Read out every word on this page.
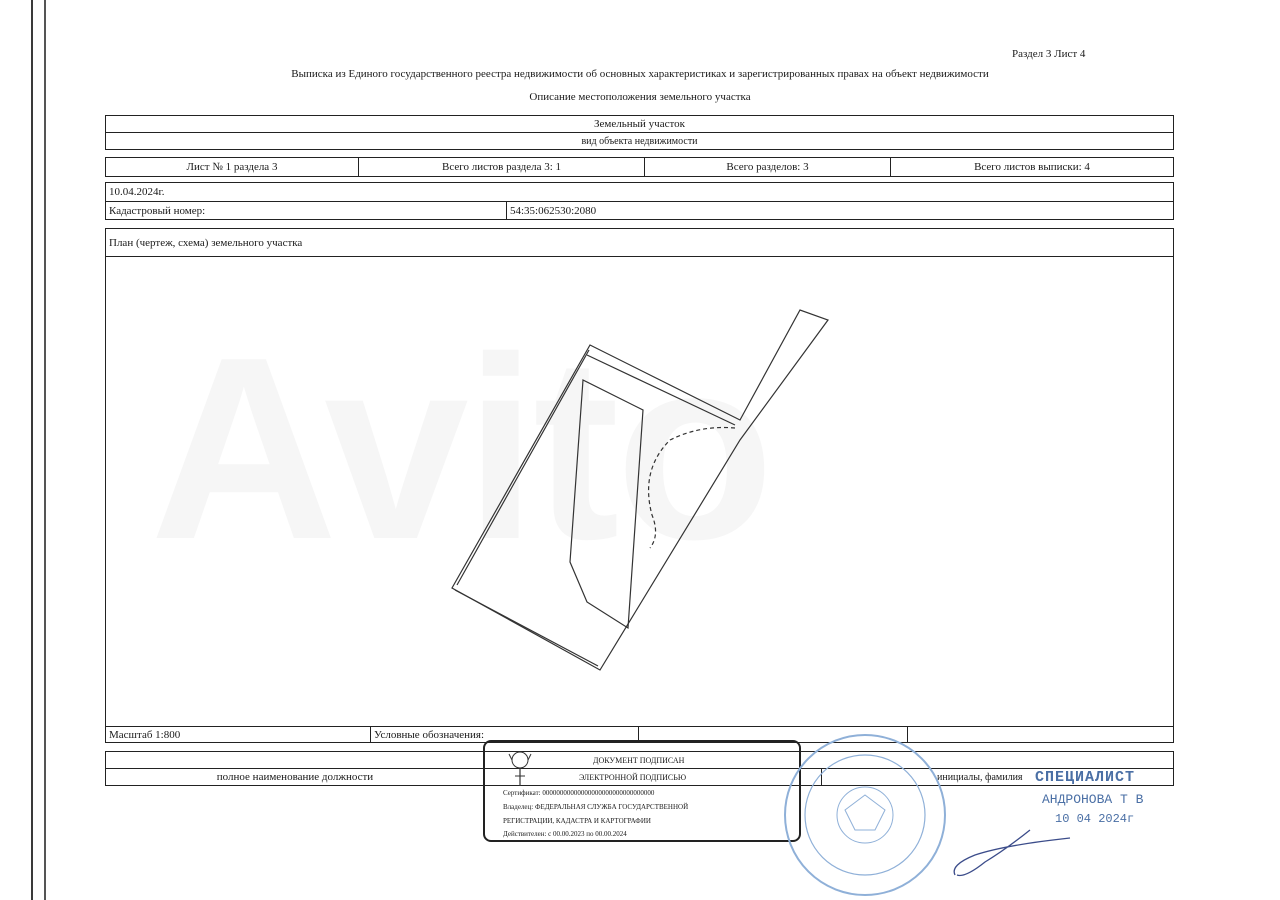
Раздел 3 Лист 4
Выписка из Единого государственного реестра недвижимости об основных характеристиках и зарегистрированных правах на объект недвижимости
Описание местоположения земельного участка
Земельный участок
вид объекта недвижимости
Лист № 1 раздела 3	Всего листов раздела 3: 1	Всего разделов: 3	Всего листов выписки: 4
10.04.2024г.
Кадастровый номер:	54:35:062530:2080
План (чертеж, схема) земельного участка
Масштаб 1:800	Условные обозначения:
полное наименование должности	инициалы, фамилия
ДОКУМЕНТ ПОДПИСАН
ЭЛЕКТРОННОЙ ПОДПИСЬЮ
Сертификат: 00000000000000000000000000000000
Владелец: ФЕДЕРАЛЬНАЯ СЛУЖБА ГОСУДАРСТВЕННОЙ
РЕГИСТРАЦИИ, КАДАСТРА И КАРТОГРАФИИ
Действителен: с 00.00.2023 по 00.00.2024
СПЕЦИАЛИСТ
АНДРОНОВА Т В
10 04 2024г
